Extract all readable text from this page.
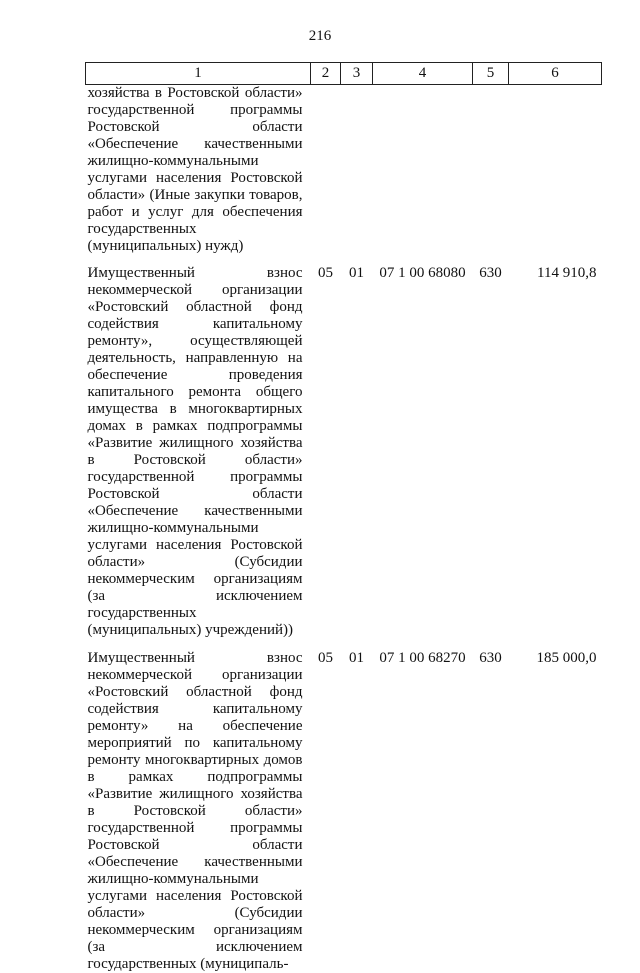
216
1	2	3	4	5	6
хозяйства в Ростовской области» государственной программы Ростовской области «Обеспечение качественными жилищно-коммунальными услугами населения Ростовской области» (Иные закупки товаров, работ и услуг для обеспечения государственных (муниципальных) нужд)					
Имущественный взнос некоммерческой организации «Ростовский областной фонд содействия капитальному ремонту», осуществляющей деятельность, направленную на обеспечение проведения капитального ремонта общего имущества в многоквартирных домах в рамках подпрограммы «Развитие жилищного хозяйства в Ростовской области» государственной программы Ростовской области «Обеспечение качественными жилищно-коммунальными услугами населения Ростовской области» (Субсидии некоммерческим организациям (за исключением государственных (муниципальных) учреждений))	05	01	07 1 00 68080	630	114 910,8
Имущественный взнос некоммерческой организации «Ростовский областной фонд содействия капитальному ремонту» на обеспечение мероприятий по капитальному ремонту многоквартирных домов в рамках подпрограммы «Развитие жилищного хозяйства в Ростовской области» государственной программы Ростовской области «Обеспечение качественными жилищно-коммунальными услугами населения Ростовской области» (Субсидии некоммерческим организациям (за исключением государственных (муниципаль-	05	01	07 1 00 68270	630	185 000,0
